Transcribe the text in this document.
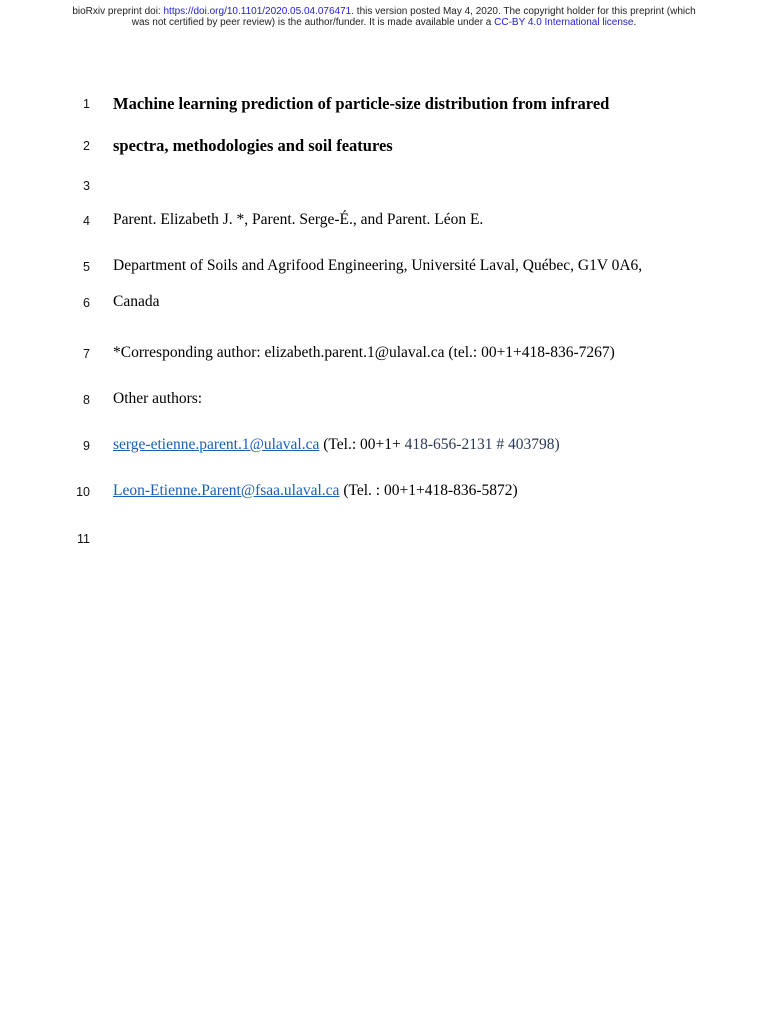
bioRxiv preprint doi: https://doi.org/10.1101/2020.05.04.076471. this version posted May 4, 2020. The copyright holder for this preprint (which
was not certified by peer review) is the author/funder. It is made available under a CC-BY 4.0 International license.
1 Machine learning prediction of particle-size distribution from infrared
2 spectra, methodologies and soil features
3
4 Parent. Elizabeth J. *, Parent. Serge-É., and Parent. Léon E.
5 Department of Soils and Agrifood Engineering, Université Laval, Québec, G1V 0A6,
6 Canada
7 *Corresponding author: elizabeth.parent.1@ulaval.ca (tel.: 00+1+418-836-7267)
8 Other authors:
9 serge-etienne.parent.1@ulaval.ca (Tel.: 00+1+ 418-656-2131 # 403798)
10 Leon-Etienne.Parent@fsaa.ulaval.ca (Tel. : 00+1+418-836-5872)
11
